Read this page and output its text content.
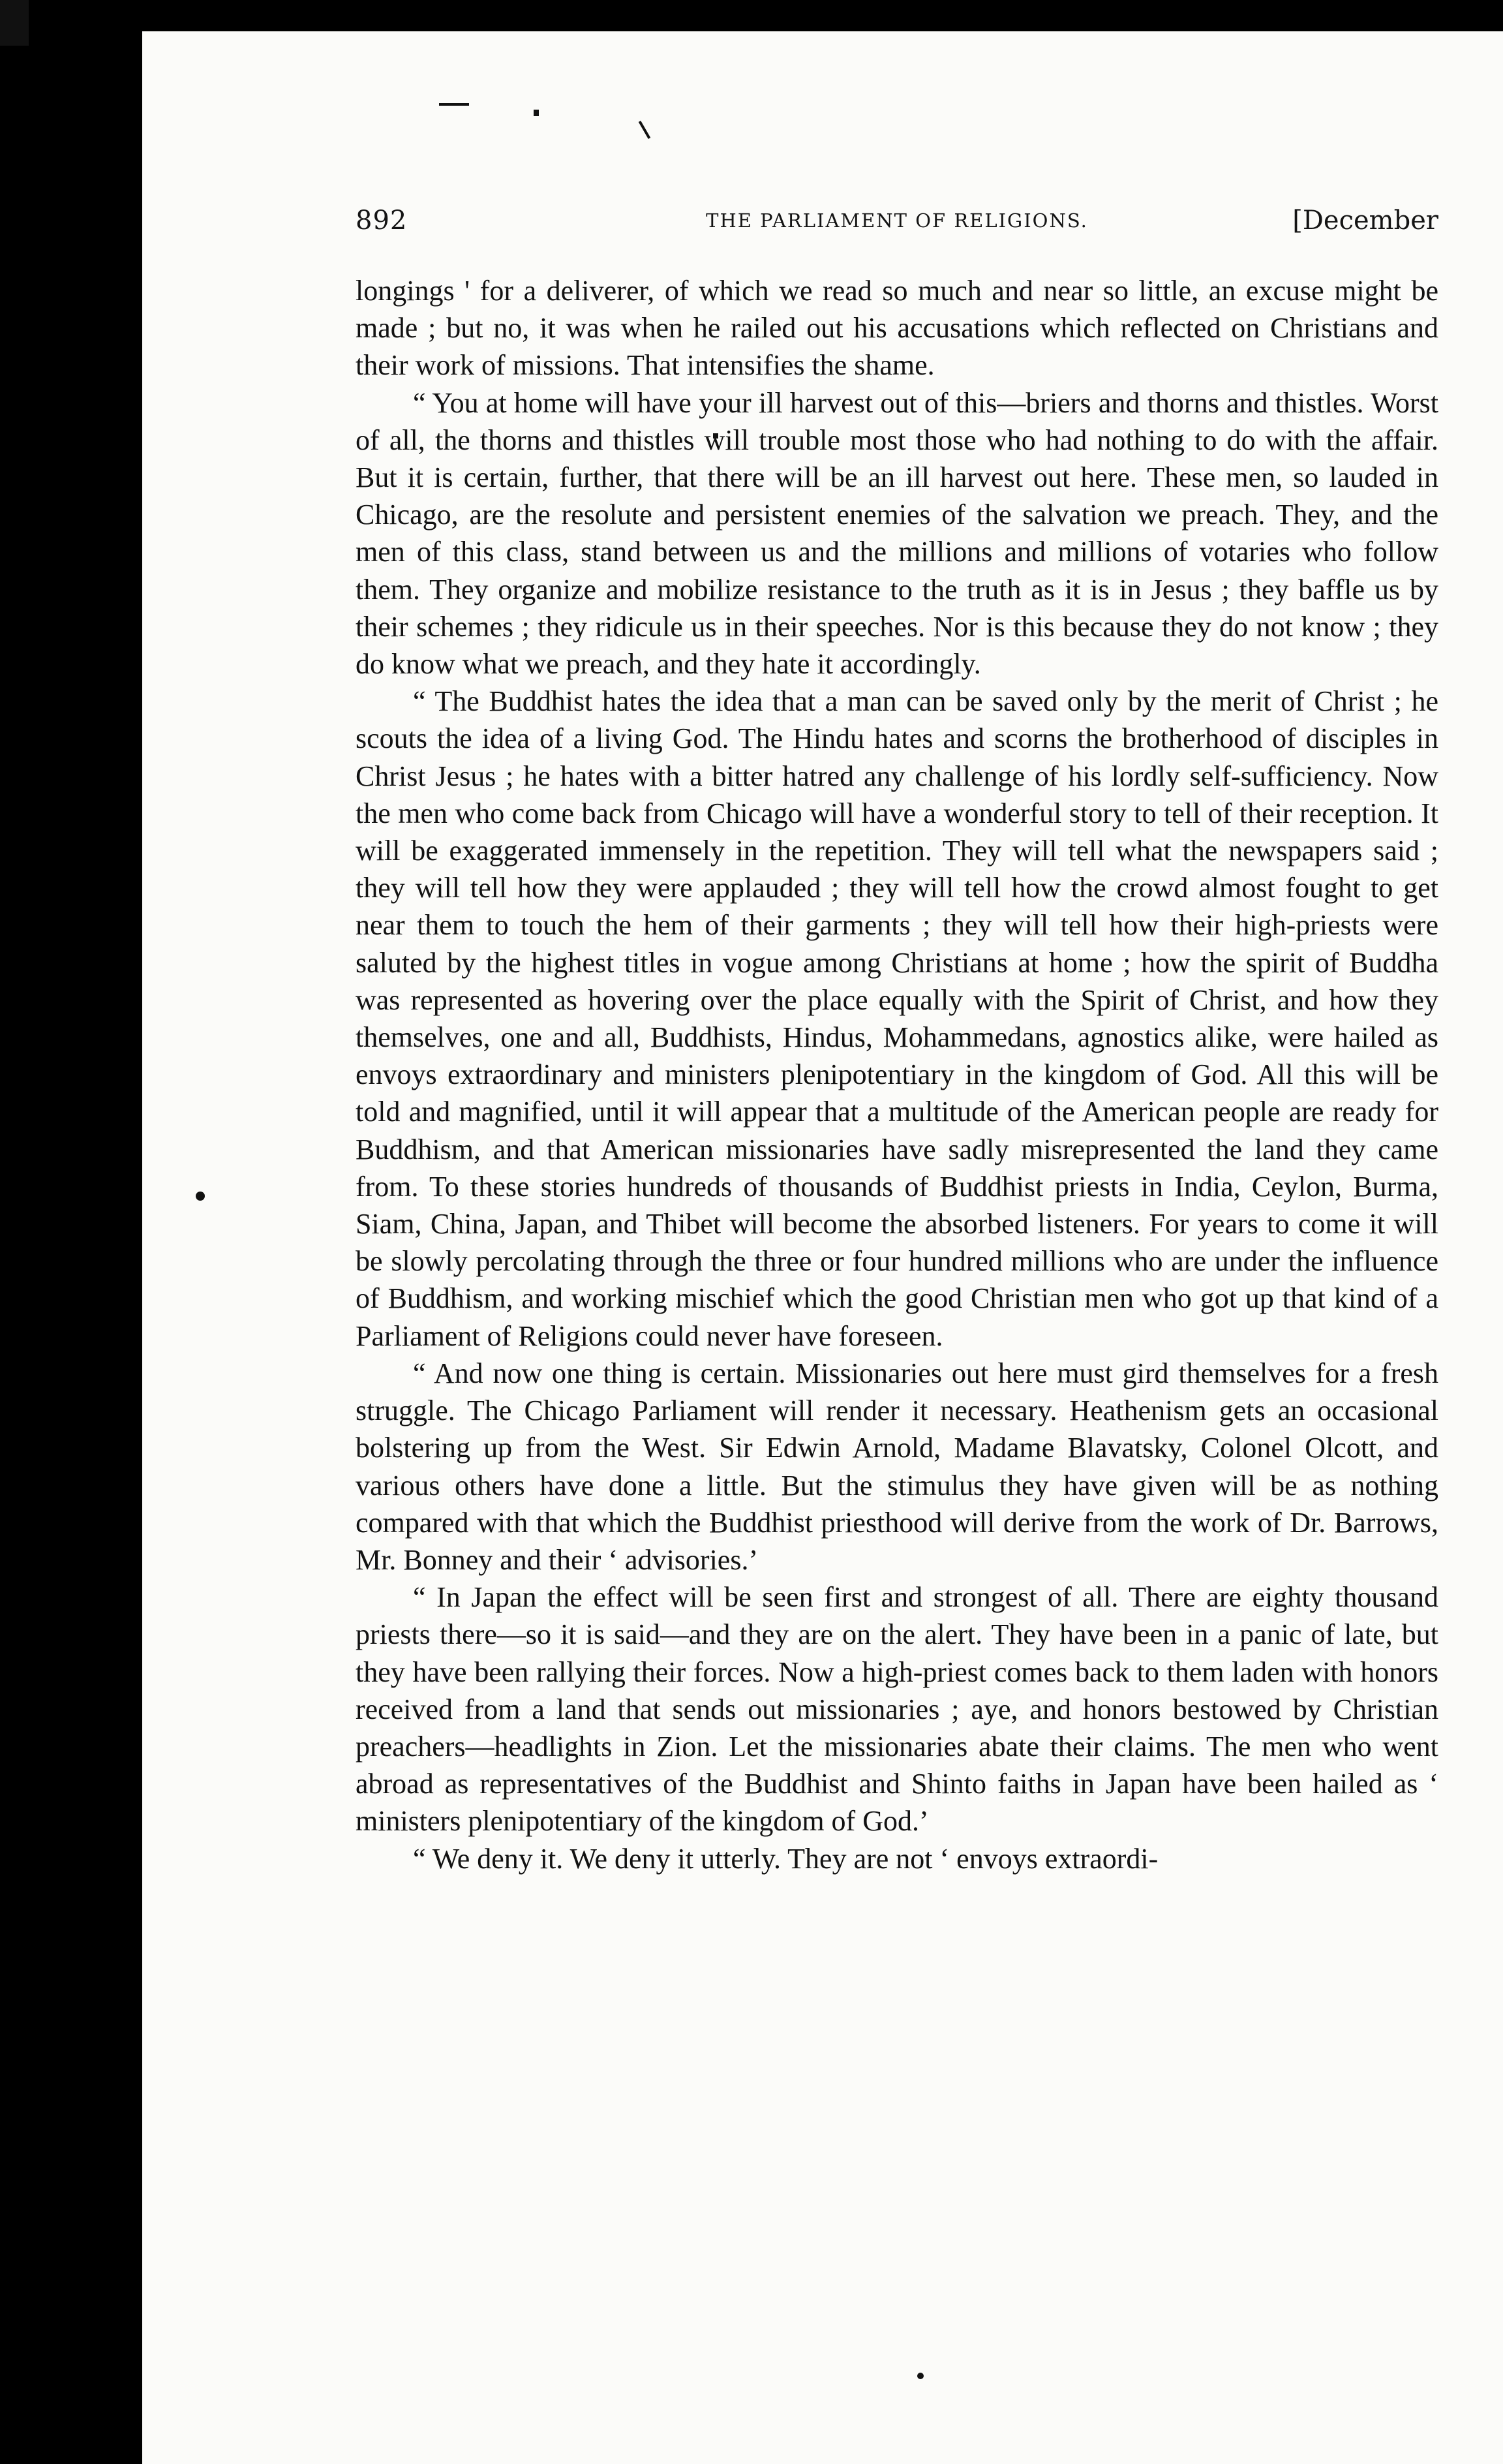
892	THE PARLIAMENT OF RELIGIONS.	[December

longings ' for a deliverer, of which we read so much and near so little, an excuse might be made ; but no, it was when he railed out his accusations which reflected on Christians and their work of missions. That intensifies the shame.

“ You at home will have your ill harvest out of this—briers and thorns and thistles. Worst of all, the thorns and thistles will trouble most those who had nothing to do with the affair. But it is certain, further, that there will be an ill harvest out here. These men, so lauded in Chicago, are the resolute and persistent enemies of the salvation we preach. They, and the men of this class, stand between us and the millions and millions of votaries who follow them. They organize and mobilize resistance to the truth as it is in Jesus ; they baffle us by their schemes ; they ridicule us in their speeches. Nor is this because they do not know ; they do know what we preach, and they hate it accordingly.

“ The Buddhist hates the idea that a man can be saved only by the merit of Christ ; he scouts the idea of a living God. The Hindu hates and scorns the brotherhood of disciples in Christ Jesus ; he hates with a bitter hatred any challenge of his lordly self-sufficiency. Now the men who come back from Chicago will have a wonderful story to tell of their reception. It will be exaggerated immensely in the repetition. They will tell what the newspapers said ; they will tell how they were applauded ; they will tell how the crowd almost fought to get near them to touch the hem of their garments ; they will tell how their high-priests were saluted by the highest titles in vogue among Christians at home ; how the spirit of Buddha was represented as hovering over the place equally with the Spirit of Christ, and how they themselves, one and all, Buddhists, Hindus, Mohammedans, agnostics alike, were hailed as envoys extraordinary and ministers plenipotentiary in the kingdom of God. All this will be told and magnified, until it will appear that a multitude of the American people are ready for Buddhism, and that American missionaries have sadly misrepresented the land they came from. To these stories hundreds of thousands of Buddhist priests in India, Ceylon, Burma, Siam, China, Japan, and Thibet will become the absorbed listeners. For years to come it will be slowly percolating through the three or four hundred millions who are under the influence of Buddhism, and working mischief which the good Christian men who got up that kind of a Parliament of Religions could never have foreseen.

“ And now one thing is certain. Missionaries out here must gird themselves for a fresh struggle. The Chicago Parliament will render it necessary. Heathenism gets an occasional bolstering up from the West. Sir Edwin Arnold, Madame Blavatsky, Colonel Olcott, and various others have done a little. But the stimulus they have given will be as nothing compared with that which the Buddhist priesthood will derive from the work of Dr. Barrows, Mr. Bonney and their ‘ advisories.’

“ In Japan the effect will be seen first and strongest of all. There are eighty thousand priests there—so it is said—and they are on the alert. They have been in a panic of late, but they have been rallying their forces. Now a high-priest comes back to them laden with honors received from a land that sends out missionaries ; aye, and honors bestowed by Christian preachers—headlights in Zion. Let the missionaries abate their claims. The men who went abroad as representatives of the Buddhist and Shinto faiths in Japan have been hailed as ‘ ministers plenipotentiary of the kingdom of God.’

“ We deny it. We deny it utterly. They are not ‘ envoys extraordi-
